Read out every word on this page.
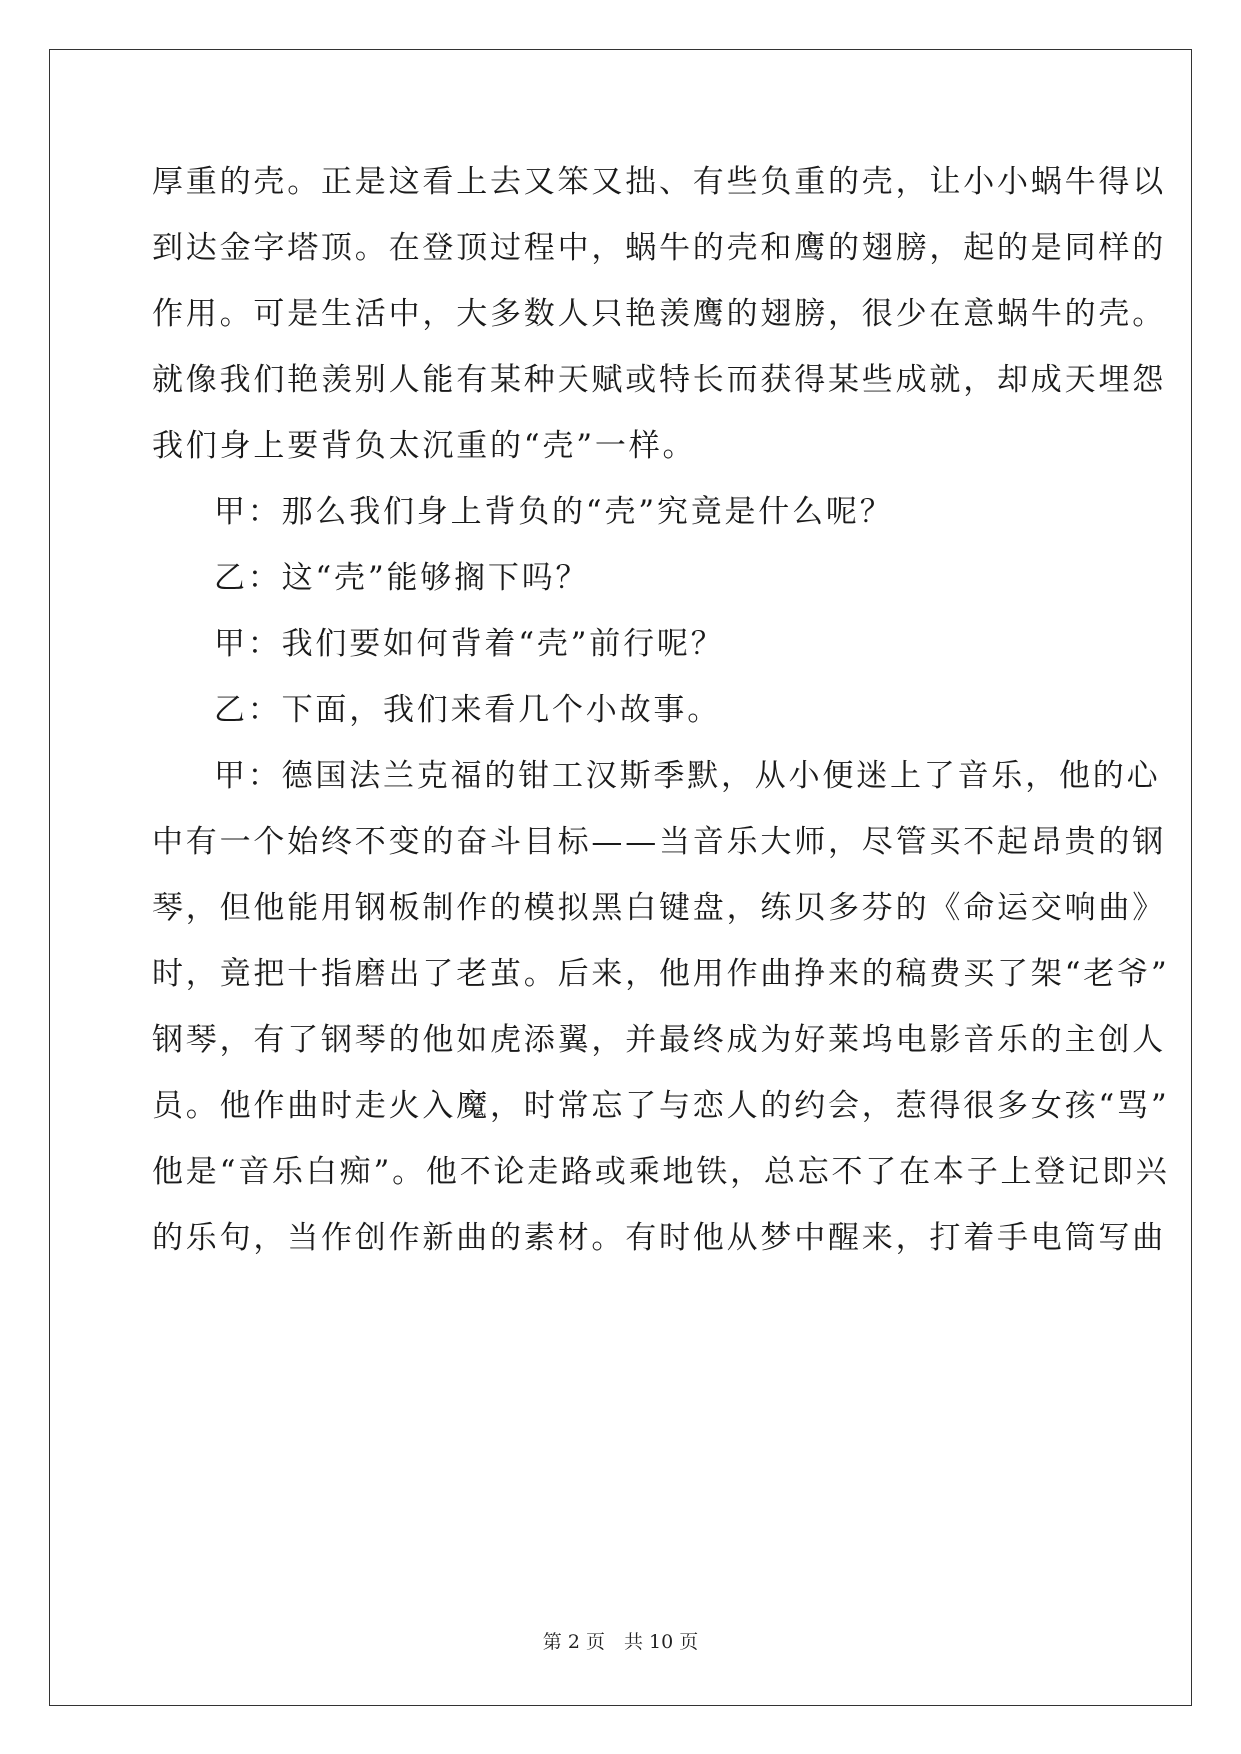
厚重的壳。正是这看上去又笨又拙、有些负重的壳，让小小蜗牛得以
到达金字塔顶。在登顶过程中，蜗牛的壳和鹰的翅膀，起的是同样的
作用。可是生活中，大多数人只艳羡鹰的翅膀，很少在意蜗牛的壳。
就像我们艳羡别人能有某种天赋或特长而获得某些成就，却成天埋怨
我们身上要背负太沉重的“壳”一样。
甲：那么我们身上背负的“壳”究竟是什么呢？
乙：这“壳”能够搁下吗？
甲：我们要如何背着“壳”前行呢？
乙：下面，我们来看几个小故事。
甲：德国法兰克福的钳工汉斯季默，从小便迷上了音乐，他的心
中有一个始终不变的奋斗目标——当音乐大师，尽管买不起昂贵的钢
琴，但他能用钢板制作的模拟黑白键盘，练贝多芬的《命运交响曲》
时，竟把十指磨出了老茧。后来，他用作曲挣来的稿费买了架“老爷”
钢琴，有了钢琴的他如虎添翼，并最终成为好莱坞电影音乐的主创人
员。他作曲时走火入魔，时常忘了与恋人的约会，惹得很多女孩“骂”
他是“音乐白痴”。他不论走路或乘地铁，总忘不了在本子上登记即兴
的乐句，当作创作新曲的素材。有时他从梦中醒来，打着手电筒写曲
第 2 页　共 10 页
